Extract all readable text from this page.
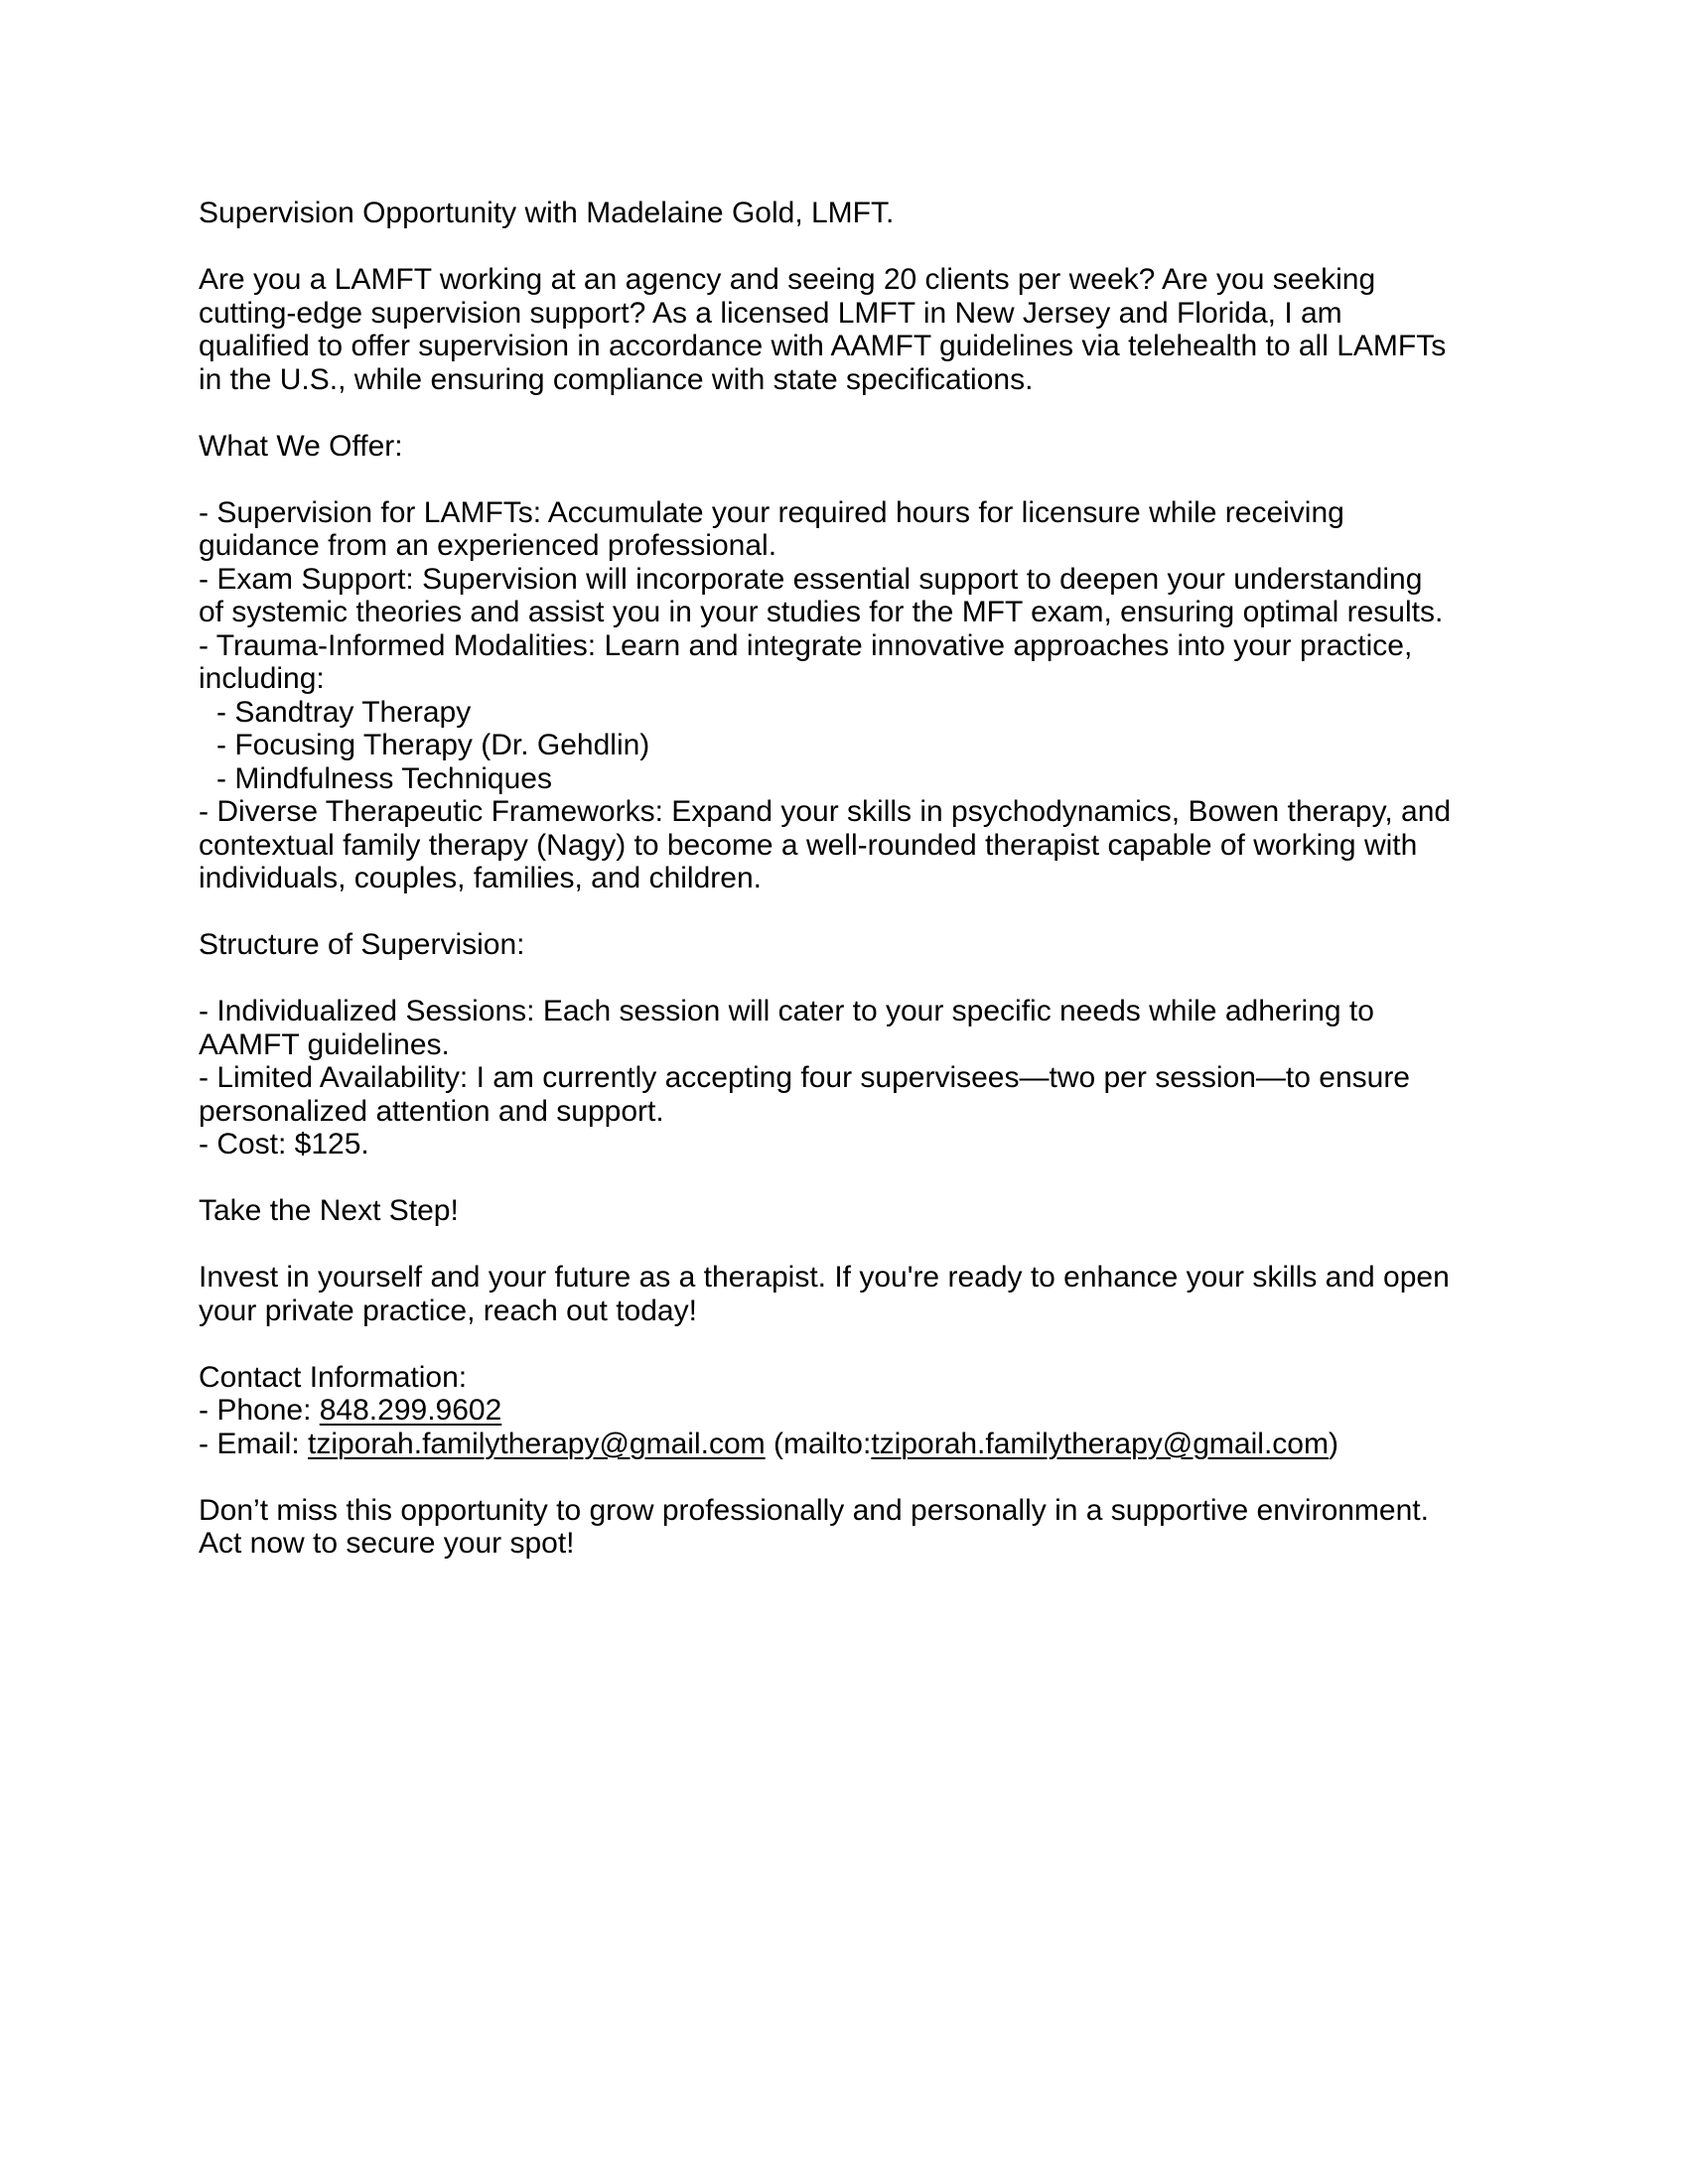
Supervision Opportunity with Madelaine Gold, LMFT.
Are you a LAMFT working at an agency and seeing 20 clients per week? Are you seeking
cutting-edge supervision support? As a licensed LMFT in New Jersey and Florida, I am
qualified to offer supervision in accordance with AAMFT guidelines via telehealth to all LAMFTs
in the U.S., while ensuring compliance with state specifications.
What We Offer:
- Supervision for LAMFTs: Accumulate your required hours for licensure while receiving
guidance from an experienced professional.
- Exam Support: Supervision will incorporate essential support to deepen your understanding
of systemic theories and assist you in your studies for the MFT exam, ensuring optimal results.
- Trauma-Informed Modalities: Learn and integrate innovative approaches into your practice,
including:
- Sandtray Therapy
- Focusing Therapy (Dr. Gehdlin)
- Mindfulness Techniques
- Diverse Therapeutic Frameworks: Expand your skills in psychodynamics, Bowen therapy, and
contextual family therapy (Nagy) to become a well-rounded therapist capable of working with
individuals, couples, families, and children.
Structure of Supervision:
- Individualized Sessions: Each session will cater to your specific needs while adhering to
AAMFT guidelines.
- Limited Availability: I am currently accepting four supervisees—two per session—to ensure
personalized attention and support.
- Cost: $125.
Take the Next Step!
Invest in yourself and your future as a therapist. If you're ready to enhance your skills and open
your private practice, reach out today!
Contact Information:
- Phone: 848.299.9602
- Email: tziporah.familytherapy@gmail.com (mailto:tziporah.familytherapy@gmail.com)
Don’t miss this opportunity to grow professionally and personally in a supportive environment.
Act now to secure your spot!
